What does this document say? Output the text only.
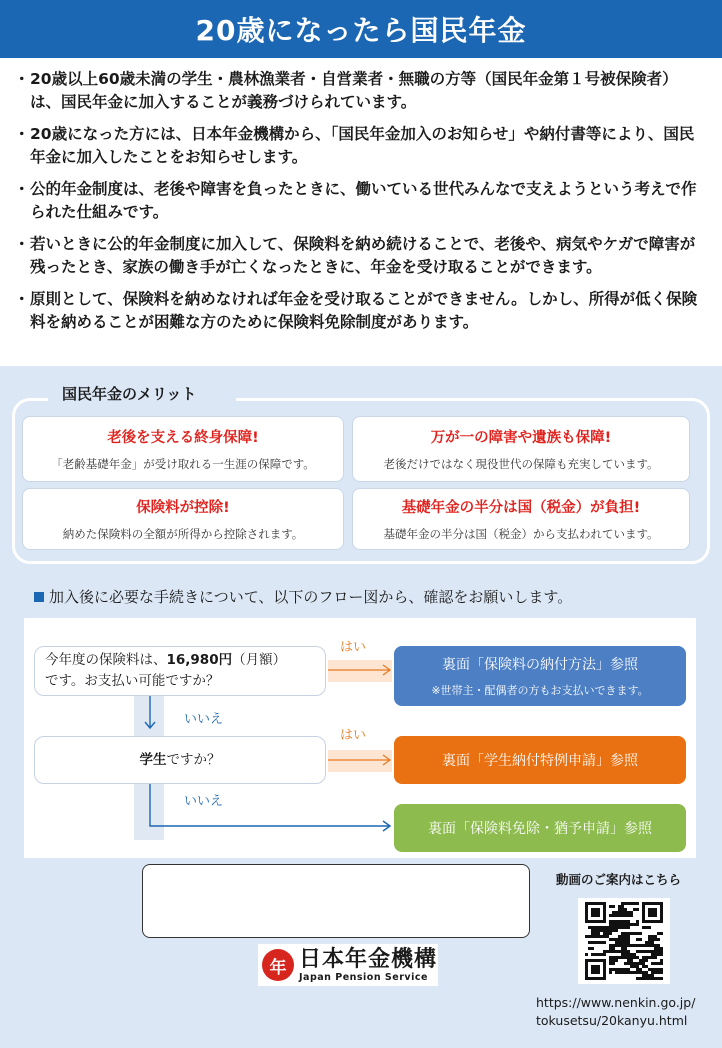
20歳になったら国民年金
・ 20歳以上60歳未満の学生・農林漁業者・自営業者・無職の方等（国民年金第１号被保険者）は、国民年金に加入することが義務づけられています。
・ 20歳になった方には、日本年金機構から、「国民年金加入のお知らせ」や納付書等により、国民年金に加入したことをお知らせします。
・ 公的年金制度は、老後や障害を負ったときに、働いている世代みんなで支えようという考えで作られた仕組みです。
・ 若いときに公的年金制度に加入して、保険料を納め続けることで、老後や、病気やケガで障害が残ったとき、家族の働き手が亡くなったときに、年金を受け取ることができます。
・ 原則として、保険料を納めなければ年金を受け取ることができません。しかし、所得が低く保険料を納めることが困難な方のために保険料免除制度があります。
国民年金のメリット
老後を支える終身保障!
「老齢基礎年金」が受け取れる一生涯の保障です。
万が一の障害や遺族も保障!
老後だけではなく現役世代の保障も充実しています。
保険料が控除!
納めた保険料の全額が所得から控除されます。
基礎年金の半分は国（税金）が負担!
基礎年金の半分は国（税金）から支払われています。
加入後に必要な手続きについて、以下のフロー図から、確認をお願いします。
今年度の保険料は、16,980円（月額）
です。お支払い可能ですか？
はい
裏面「保険料の納付方法」参照
※世帯主・配偶者の方もお支払いできます。
いいえ
学生 ですか？
はい
裏面「学生納付特例申請」参照
いいえ
裏面「保険料免除・猶予申請」参照
年 日本年金機構
Japan Pension Service
動画のご案内はこちら
https://www.nenkin.go.jp/
tokusetsu/20kanyu.html
